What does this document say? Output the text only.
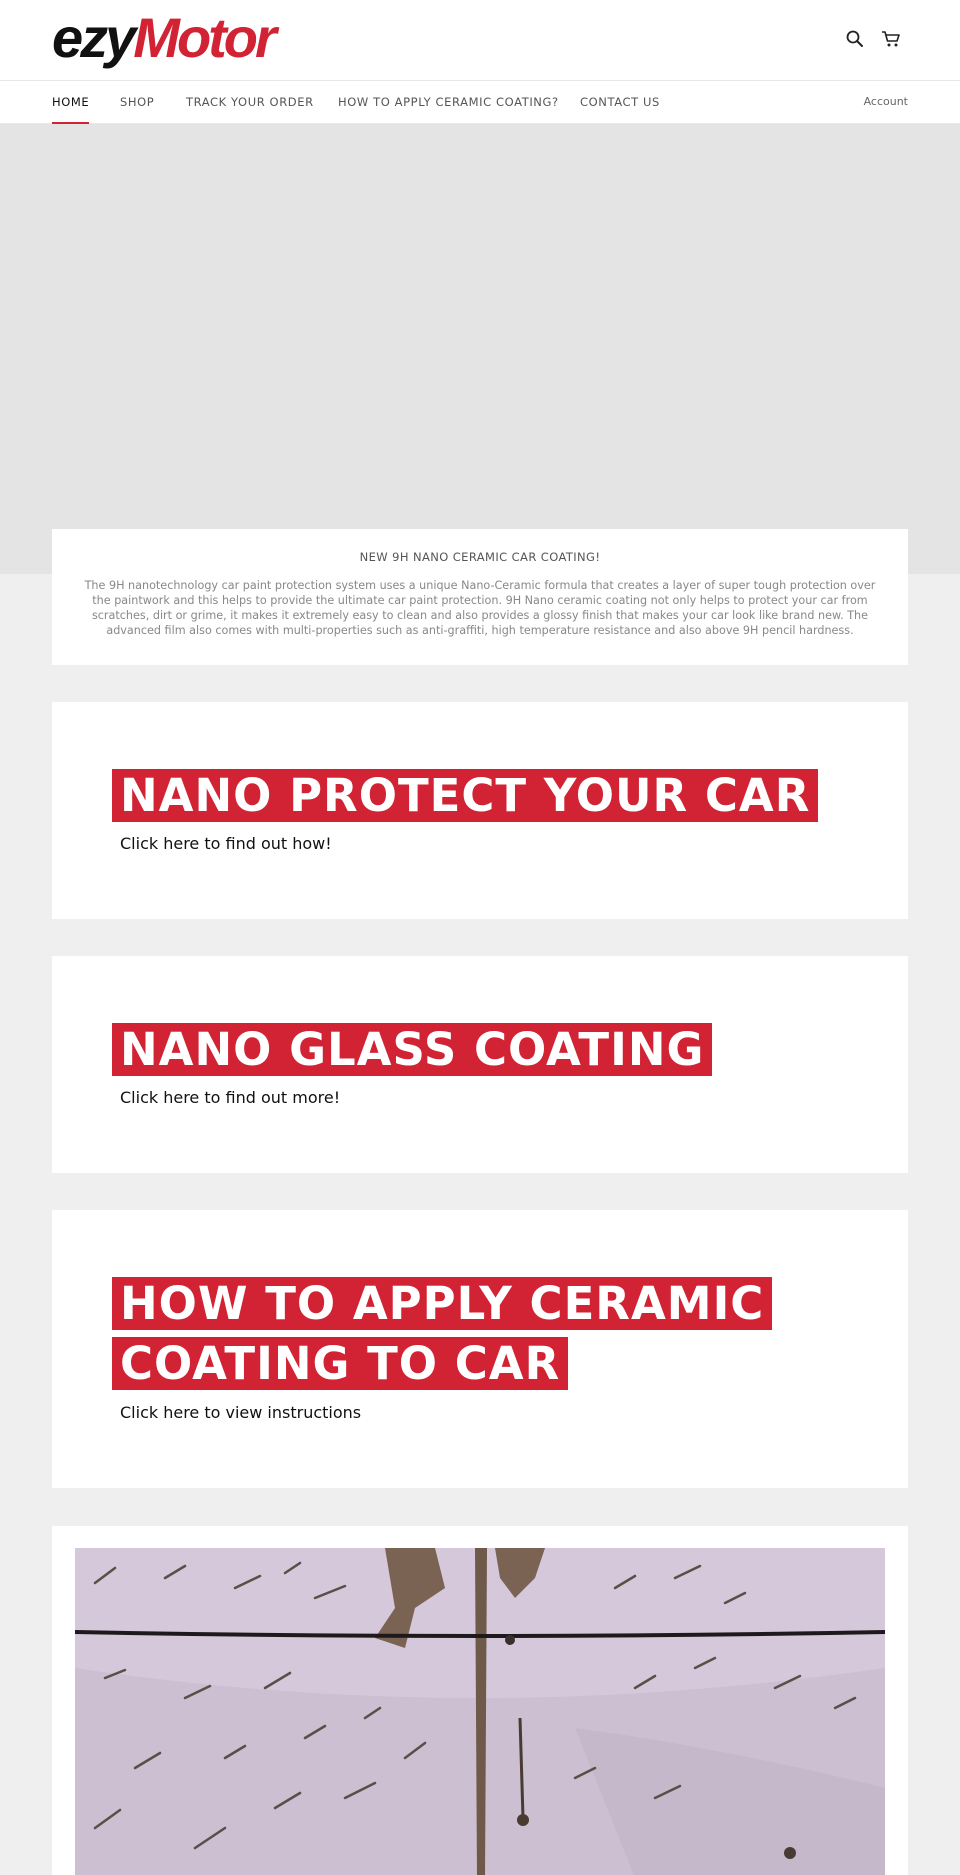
ezyMotor
HOME	SHOP	TRACK YOUR ORDER HOW TO APPLY CERAMIC COATING? CONTACT US	Account
NEW 9H NANO CERAMIC CAR COATING!
The 9H nanotechnology car paint protection system uses a unique Nano-Ceramic formula that creates a layer of super tough protection over the paintwork and this helps to provide the ultimate car paint protection. 9H Nano ceramic coating not only helps to protect your car from scratches, dirt or grime, it makes it extremely easy to clean and also provides a glossy finish that makes your car look like brand new. The advanced film also comes with multi-properties such as anti-graffiti, high temperature resistance and also above 9H pencil hardness.
NANO PROTECT YOUR CAR
Click here to find out how!
NANO GLASS COATING
Click here to find out more!
HOW TO APPLY CERAMIC COATING TO CAR
Click here to view instructions
